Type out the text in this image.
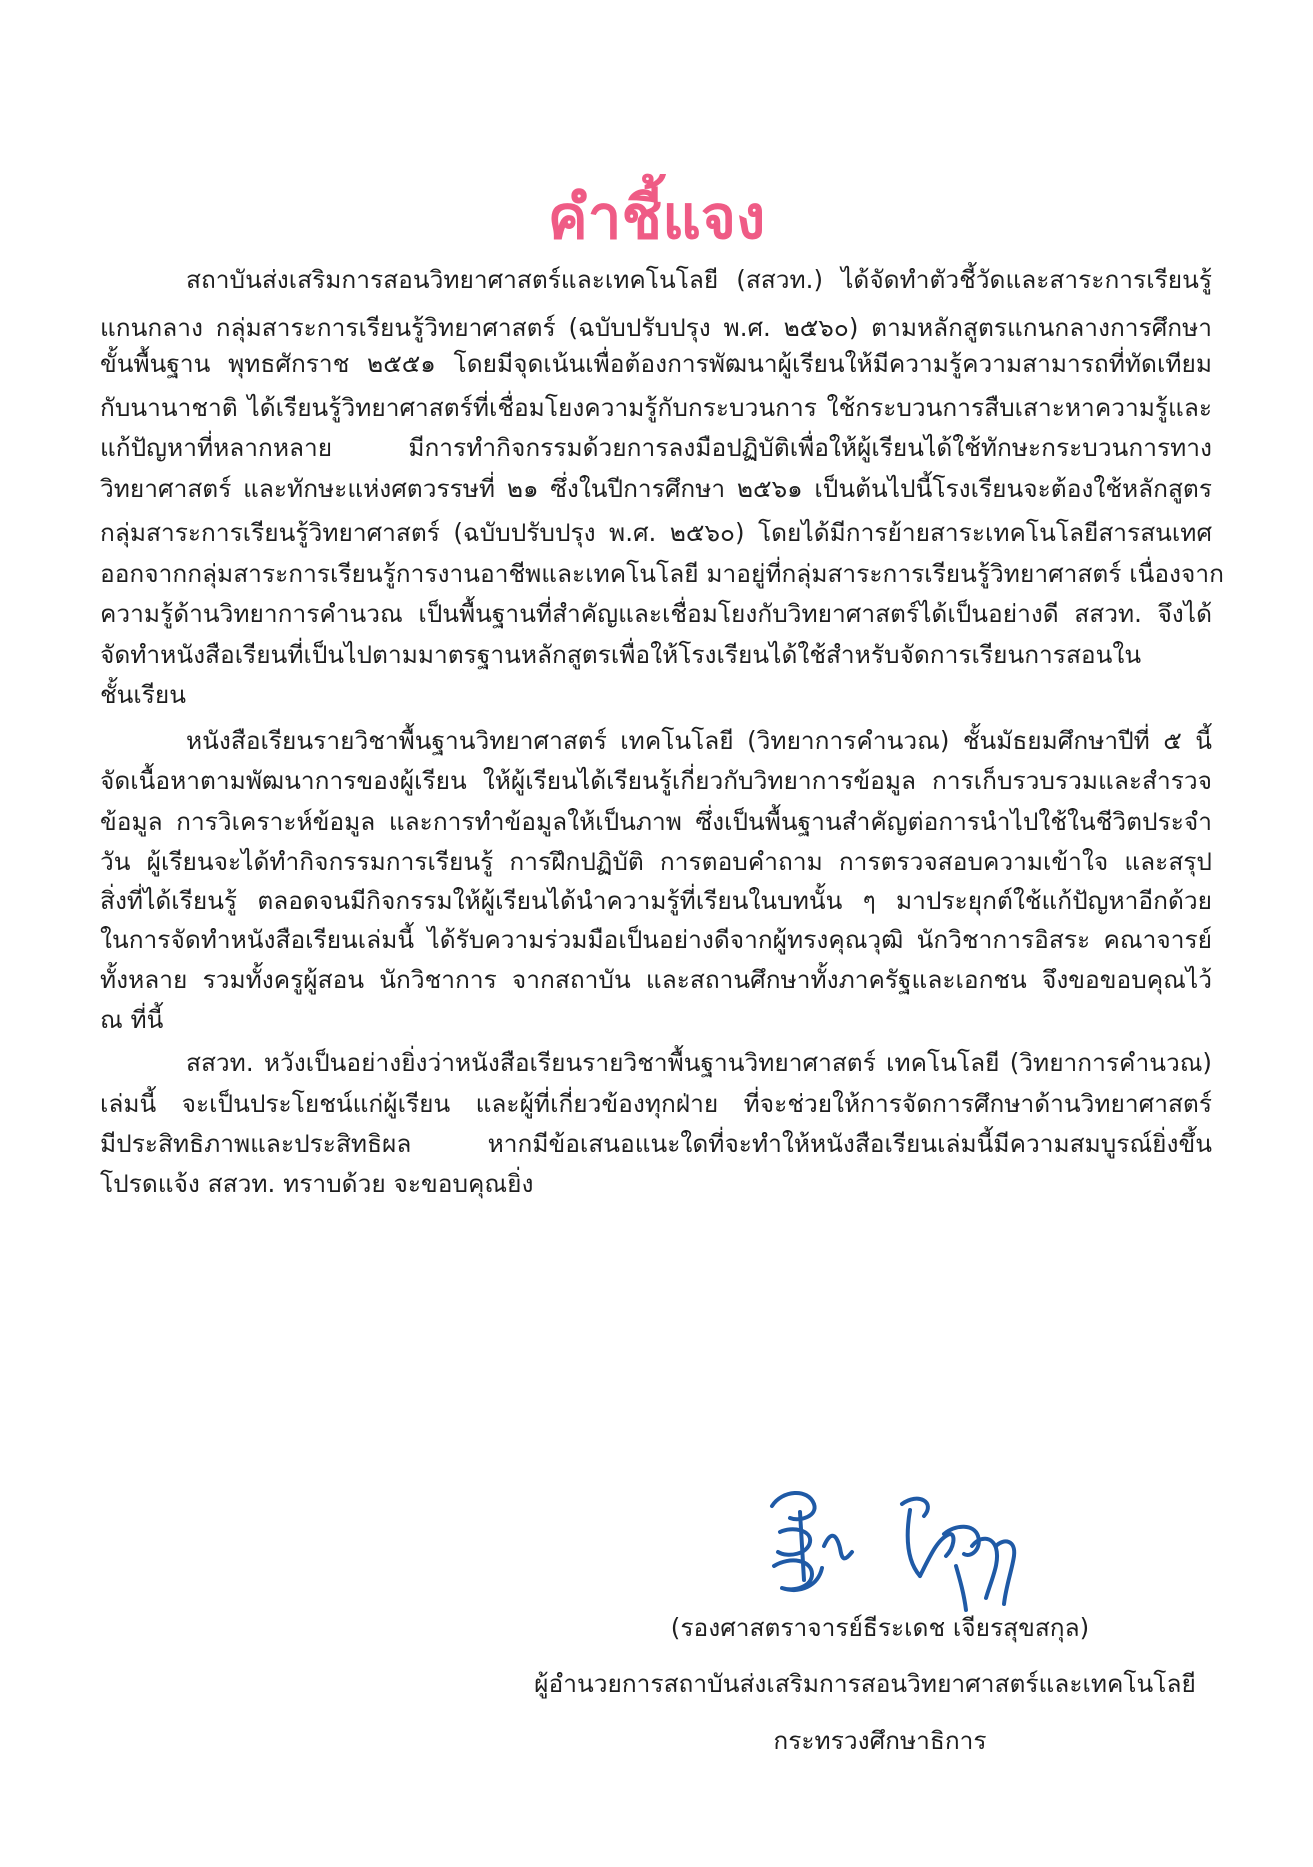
คำชี้แจง

สถาบันส่งเสริมการสอนวิทยาศาสตร์และเทคโนโลยี (สสวท.) ได้จัดทำตัวชี้วัดและสาระการเรียนรู้

แกนกลาง กลุ่มสาระการเรียนรู้วิทยาศาสตร์ (ฉบับปรับปรุง พ.ศ. ๒๕๖๐) ตามหลักสูตรแกนกลางการศึกษา

ขั้นพื้นฐาน พุทธศักราช ๒๕๕๑ โดยมีจุดเน้นเพื่อต้องการพัฒนาผู้เรียนให้มีความรู้ความสามารถที่ทัดเทียม

กับนานาชาติ ได้เรียนรู้วิทยาศาสตร์ที่เชื่อมโยงความรู้กับกระบวนการ ใช้กระบวนการสืบเสาะหาความรู้และ

แก้ปัญหาที่หลากหลาย มีการทำกิจกรรมด้วยการลงมือปฏิบัติเพื่อให้ผู้เรียนได้ใช้ทักษะกระบวนการทาง

วิทยาศาสตร์ และทักษะแห่งศตวรรษที่ ๒๑ ซึ่งในปีการศึกษา ๒๕๖๑ เป็นต้นไปนี้โรงเรียนจะต้องใช้หลักสูตร

กลุ่มสาระการเรียนรู้วิทยาศาสตร์ (ฉบับปรับปรุง พ.ศ. ๒๕๖๐) โดยได้มีการย้ายสาระเทคโนโลยีสารสนเทศ

ออกจากกลุ่มสาระการเรียนรู้การงานอาชีพและเทคโนโลยี มาอยู่ที่กลุ่มสาระการเรียนรู้วิทยาศาสตร์ เนื่องจาก

ความรู้ด้านวิทยาการคำนวณ เป็นพื้นฐานที่สำคัญและเชื่อมโยงกับวิทยาศาสตร์ได้เป็นอย่างดี สสวท. จึงได้

จัดทำหนังสือเรียนที่เป็นไปตามมาตรฐานหลักสูตรเพื่อให้โรงเรียนได้ใช้สำหรับจัดการเรียนการสอนใน

ชั้นเรียน

หนังสือเรียนรายวิชาพื้นฐานวิทยาศาสตร์ เทคโนโลยี (วิทยาการคำนวณ) ชั้นมัธยมศึกษาปีที่ ๕ นี้

จัดเนื้อหาตามพัฒนาการของผู้เรียน ให้ผู้เรียนได้เรียนรู้เกี่ยวกับวิทยาการข้อมูล การเก็บรวบรวมและสำรวจ

ข้อมูล การวิเคราะห์ข้อมูล และการทำข้อมูลให้เป็นภาพ ซึ่งเป็นพื้นฐานสำคัญต่อการนำไปใช้ในชีวิตประจำ

วัน ผู้เรียนจะได้ทำกิจกรรมการเรียนรู้ การฝึกปฏิบัติ การตอบคำถาม การตรวจสอบความเข้าใจ และสรุป

สิ่งที่ได้เรียนรู้ ตลอดจนมีกิจกรรมให้ผู้เรียนได้นำความรู้ที่เรียนในบทนั้น ๆ มาประยุกต์ใช้แก้ปัญหาอีกด้วย

ในการจัดทำหนังสือเรียนเล่มนี้ ได้รับความร่วมมือเป็นอย่างดีจากผู้ทรงคุณวุฒิ นักวิชาการอิสระ คณาจารย์

ทั้งหลาย รวมทั้งครูผู้สอน นักวิชาการ จากสถาบัน และสถานศึกษาทั้งภาครัฐและเอกชน จึงขอขอบคุณไว้

ณ ที่นี้

สสวท. หวังเป็นอย่างยิ่งว่าหนังสือเรียนรายวิชาพื้นฐานวิทยาศาสตร์ เทคโนโลยี (วิทยาการคำนวณ)

เล่มนี้ จะเป็นประโยชน์แก่ผู้เรียน และผู้ที่เกี่ยวข้องทุกฝ่าย ที่จะช่วยให้การจัดการศึกษาด้านวิทยาศาสตร์

มีประสิทธิภาพและประสิทธิผล หากมีข้อเสนอแนะใดที่จะทำให้หนังสือเรียนเล่มนี้มีความสมบูรณ์ยิ่งขึ้น

โปรดแจ้ง สสวท. ทราบด้วย จะขอบคุณยิ่ง

(รองศาสตราจารย์ธีระเดช เจียรสุขสกุล)

ผู้อำนวยการสถาบันส่งเสริมการสอนวิทยาศาสตร์และเทคโนโลยี

กระทรวงศึกษาธิการ
